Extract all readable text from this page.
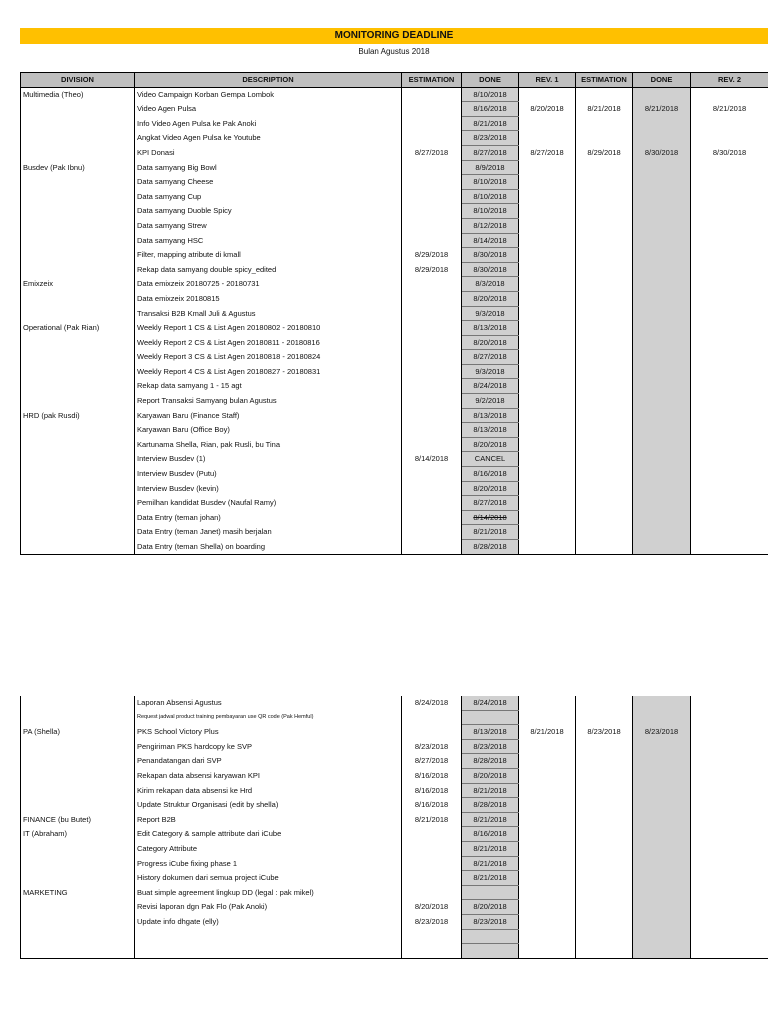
MONITORING DEADLINE
Bulan Agustus 2018
DIVISION	DESCRIPTION	ESTIMATION	DONE	REV. 1	ESTIMATION	DONE	REV. 2
Multimedia (Theo)	Video Campaign Korban Gempa Lombok		8/10/2018				
	Video Agen Pulsa		8/16/2018	8/20/2018	8/21/2018	8/21/2018	8/21/2018
	Info Video Agen Pulsa ke Pak Anoki		8/21/2018				
	Angkat Video Agen Pulsa ke Youtube		8/23/2018				
	KPI Donasi	8/27/2018	8/27/2018	8/27/2018	8/29/2018	8/30/2018	8/30/2018
Busdev (Pak Ibnu)	Data samyang Big Bowl		8/9/2018				
	Data samyang Cheese		8/10/2018				
	Data samyang Cup		8/10/2018				
	Data samyang Duoble Spicy		8/10/2018				
	Data samyang Strew		8/12/2018				
	Data samyang HSC		8/14/2018				
	Filter, mapping atribute di kmall	8/29/2018	8/30/2018				
	Rekap data samyang double spicy_edited	8/29/2018	8/30/2018				
Emixzeix	Data emixzeix 20180725 - 20180731		8/3/2018				
	Data emixzeix 20180815		8/20/2018				
	Transaksi B2B Kmall Juli & Agustus		9/3/2018				
Operational (Pak Rian)	Weekly Report 1 CS & List Agen 20180802 - 20180810		8/13/2018				
	Weekly Report 2 CS & List Agen 20180811 - 20180816		8/20/2018				
	Weekly Report 3 CS & List Agen 20180818 - 20180824		8/27/2018				
	Weekly Report 4 CS & List Agen 20180827 - 20180831		9/3/2018				
	Rekap data samyang 1 - 15 agt		8/24/2018				
	Report Transaksi Samyang bulan Agustus		9/2/2018				
HRD (pak Rusdi)	Karyawan Baru (Finance Staff)		8/13/2018				
	Karyawan Baru (Office Boy)		8/13/2018				
	Kartunama Shella, Rian, pak Rusli, bu Tina		8/20/2018				
	Interview Busdev (1)	8/14/2018	CANCEL				
	Interview Busdev (Putu)		8/16/2018				
	Interview Busdev (kevin)		8/20/2018				
	Pemilhan kandidat Busdev (Naufal Ramy)		8/27/2018				
	Data Entry (teman johan)		8/14/2018				
	Data Entry (teman Janet) masih berjalan		8/21/2018				
	Data Entry (teman Shella) on boarding		8/28/2018				
	Laporan Absensi Agustus	8/24/2018	8/24/2018				
	Request jadwal product training pembayaran use QR code (Pak Hemful)						
PA (Shella)	PKS School Victory Plus		8/13/2018	8/21/2018	8/23/2018	8/23/2018	
	Pengiriman PKS hardcopy ke SVP	8/23/2018	8/23/2018				
	Penandatangan dari SVP	8/27/2018	8/28/2018				
	Rekapan data absensi karyawan KPI	8/16/2018	8/20/2018				
	Kirim rekapan data absensi ke Hrd	8/16/2018	8/21/2018				
	Update Struktur Organisasi (edit by shella)	8/16/2018	8/28/2018				
FINANCE (bu Butet)	Report B2B	8/21/2018	8/21/2018				
IT (Abraham)	Edit Category & sample attribute dari iCube		8/16/2018				
	Category Attribute		8/21/2018				
	Progress iCube fixing phase 1		8/21/2018				
	History dokumen dari semua project iCube		8/21/2018				
MARKETING	Buat simple agreement lingkup DD (legal : pak mikel)						
	Revisi laporan dgn Pak Flo (Pak Anoki)	8/20/2018	8/20/2018				
	Update info dhgate (elly)	8/23/2018	8/23/2018				
